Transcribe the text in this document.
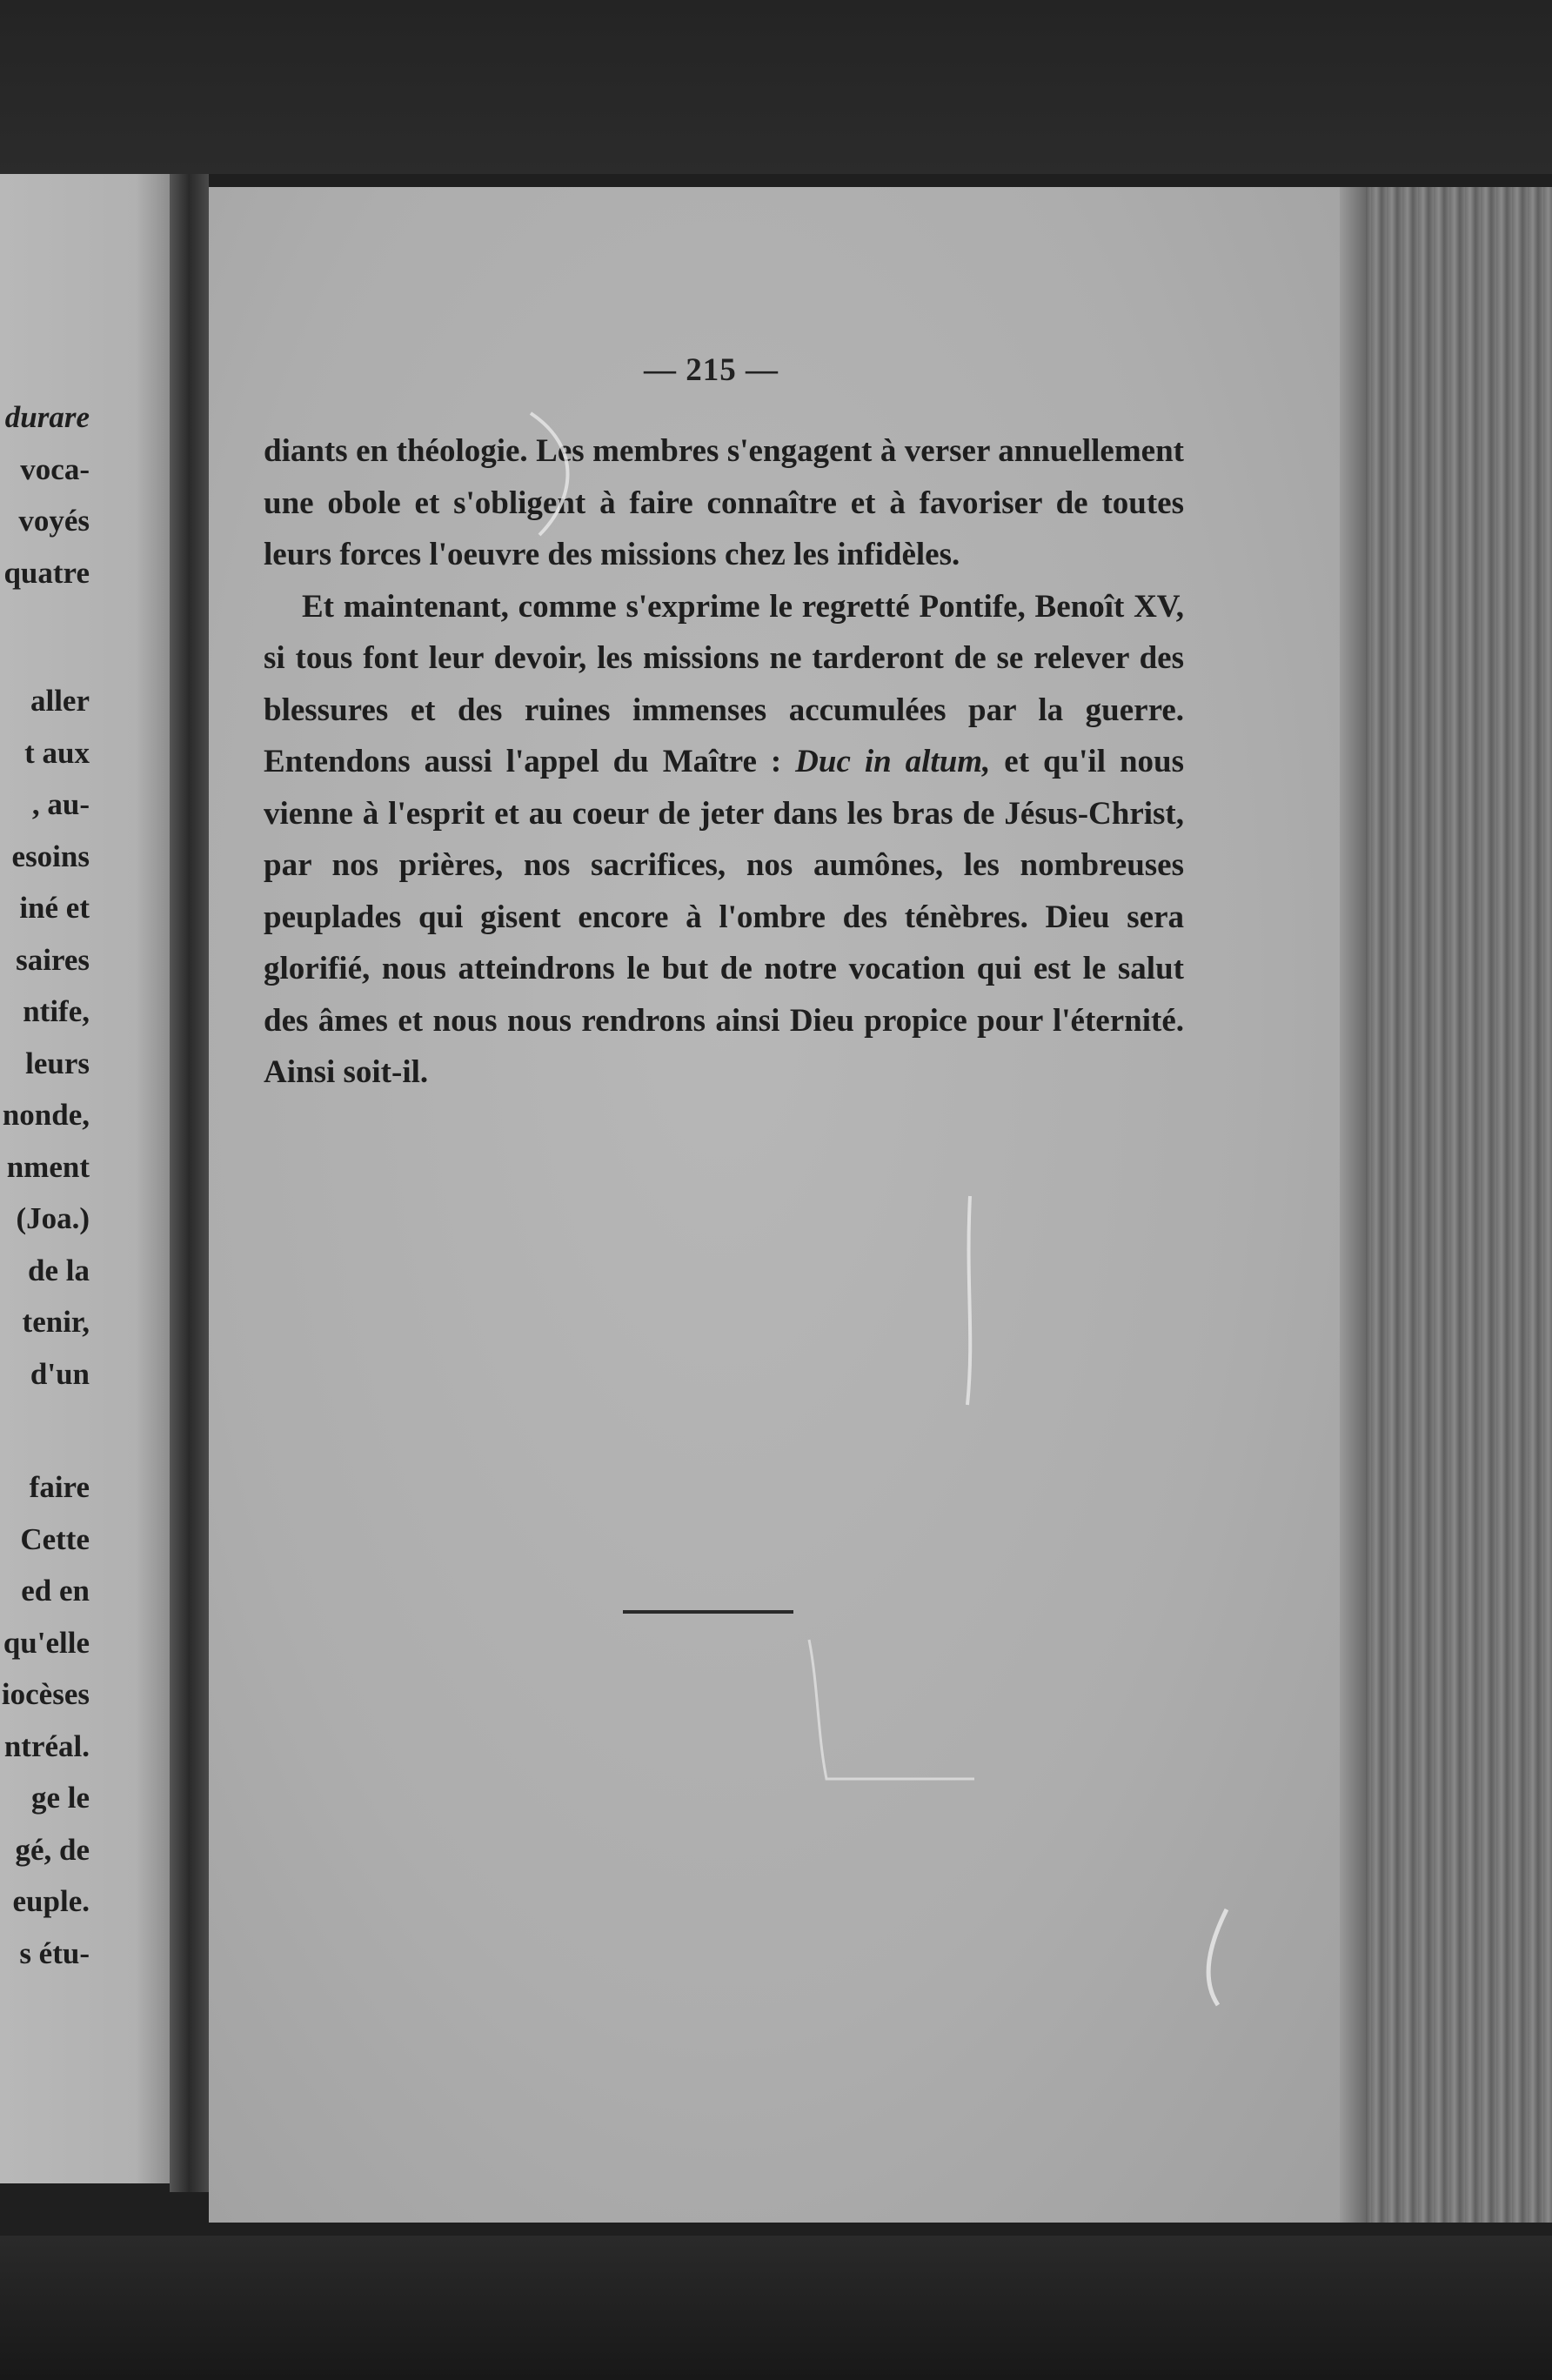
durare
voca-
voyés
quatre
aller
t aux
, au-
esoins
iné et
saires
ntife,
leurs
nonde,
nment
(Joa.)
de la
tenir,
d'un
faire
Cette
ed en
qu'elle
iocèses
ntréal.
ge le
gé, de
euple.
s étu-
— 215 —

diants en théologie. Les membres s'engagent à verser annuellement une obole et s'obligent à faire connaître et à favoriser de toutes leurs forces l'oeuvre des missions chez les infidèles.

Et maintenant, comme s'exprime le regretté Pontife, Benoît XV, si tous font leur devoir, les missions ne tarderont de se relever des blessures et des ruines immenses accumulées par la guerre. Entendons aussi l'appel du Maître : Duc in altum, et qu'il nous vienne à l'esprit et au coeur de jeter dans les bras de Jésus-Christ, par nos prières, nos sacrifices, nos aumônes, les nombreuses peuplades qui gisent encore à l'ombre des ténèbres. Dieu sera glorifié, nous atteindrons le but de notre vocation qui est le salut des âmes et nous nous rendrons ainsi Dieu propice pour l'éternité. Ainsi soit-il.
